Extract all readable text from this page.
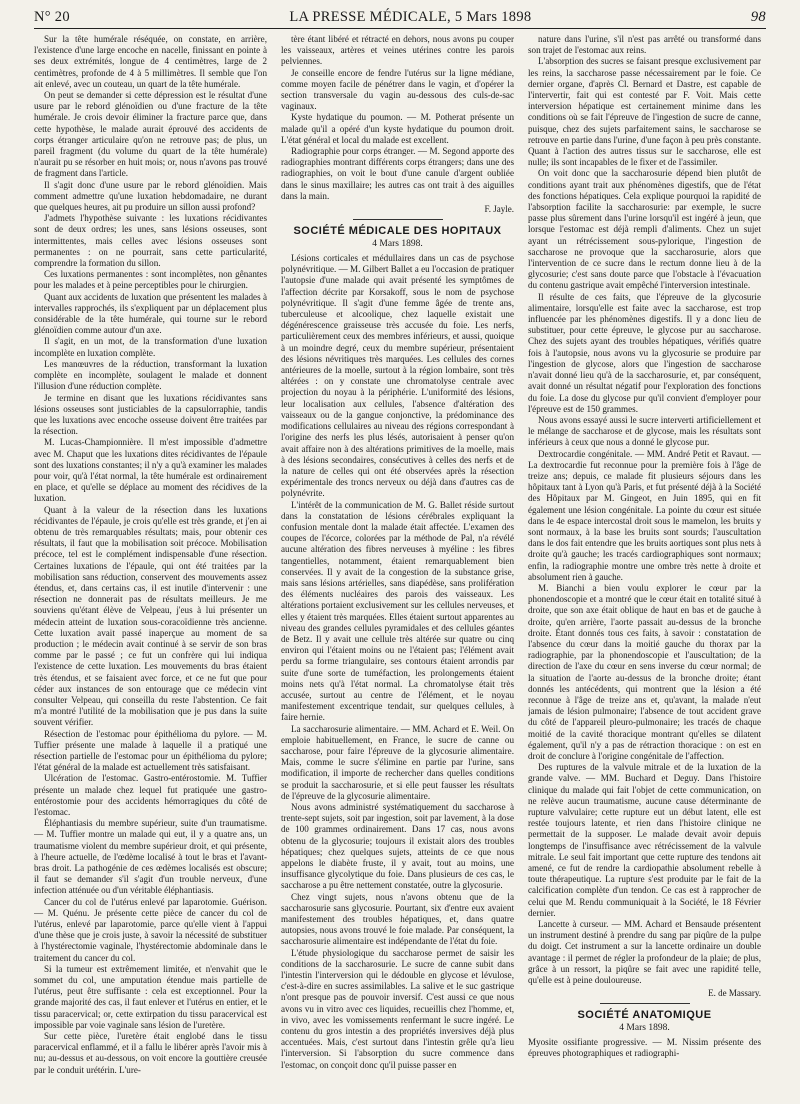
N° 20	LA PRESSE MÉDICALE, 5 Mars 1898	98

Sur la tête humérale réséquée, on constate, en arrière, l'existence d'une large encoche en nacelle, finissant en pointe à ses deux extrémités, longue de 4 centimètres, large de 2 centimètres, profonde de 4 à 5 millimètres. Il semble que l'on ait enlevé, avec un couteau, un quart de la tête humérale.

On peut se demander si cette dépression est le résultat d'une usure par le rebord glénoïdien ou d'une fracture de la tête humérale. Je crois devoir éliminer la fracture parce que, dans cette hypothèse, le malade aurait éprouvé des accidents de corps étranger articulaire qu'on ne retrouve pas; de plus, un pareil fragment (du volume du quart de la tête humérale) n'aurait pu se résorber en huit mois; or, nous n'avons pas trouvé de fragment dans l'article.

Il s'agit donc d'une usure par le rebord glénoïdien. Mais comment admettre qu'une luxation hebdomadaire, ne durant que quelques heures, ait pu produire un sillon aussi profond?

J'admets l'hypothèse suivante : les luxations récidivantes sont de deux ordres; les unes, sans lésions osseuses, sont intermittentes, mais celles avec lésions osseuses sont permanentes : on ne pourrait, sans cette particularité, comprendre la formation du sillon.

Ces luxations permanentes : sont incomplètes, non gênantes pour les malades et à peine perceptibles pour le chirurgien.

Quant aux accidents de luxation que présentent les malades à intervalles rapprochés, ils s'expliquent par un déplacement plus considérable de la tête humérale, qui tourne sur le rebord glénoïdien comme autour d'un axe.

Il s'agit, en un mot, de la transformation d'une luxation incomplète en luxation complète.

Les manœuvres de la réduction, transformant la luxation complète en incomplète, soulagent le malade et donnent l'illusion d'une réduction complète.

Je termine en disant que les luxations récidivantes sans lésions osseuses sont justiciables de la capsulorraphie, tandis que les luxations avec encoche osseuse doivent être traitées par la résection.

M. Lucas-Championnière. Il m'est impossible d'admettre avec M. Chaput que les luxations dites récidivantes de l'épaule sont des luxations constantes; il n'y a qu'à examiner les malades pour voir, qu'à l'état normal, la tête humérale est ordinairement en place, et qu'elle se déplace au moment des récidives de la luxation.

Quant à la valeur de la résection dans les luxations récidivantes de l'épaule, je crois qu'elle est très grande, et j'en ai obtenu de très remarquables résultats; mais, pour obtenir ces résultats, il faut que la mobilisation soit précoce. Mobilisation précoce, tel est le complément indispensable d'une résection. Certaines luxations de l'épaule, qui ont été traitées par la mobilisation sans réduction, conservent des mouvements assez étendus, et, dans certains cas, il est inutile d'intervenir : une résection ne donnerait pas de résultats meilleurs. Je me souviens qu'étant élève de Velpeau, j'eus à lui présenter un médecin atteint de luxation sous-coracoïdienne très ancienne. Cette luxation avait passé inaperçue au moment de sa production ; le médecin avait continué à se servir de son bras comme par le passé ; ce fut un confrère qui lui indiqua l'existence de cette luxation. Les mouvements du bras étaient très étendus, et se faisaient avec force, et ce ne fut que pour céder aux instances de son entourage que ce médecin vint consulter Velpeau, qui conseilla du reste l'abstention. Ce fait m'a montré l'utilité de la mobilisation que je pus dans la suite souvent vérifier.

Résection de l'estomac pour épithélioma du pylore. — M. Tuffier présente une malade à laquelle il a pratiqué une résection partielle de l'estomac pour un épithélioma du pylore; l'état général de la malade est actuellement très satisfaisant.

Ulcération de l'estomac. Gastro-entérostomie. M. Tuffier présente un malade chez lequel fut pratiquée une gastro-entérostomie pour des accidents hémorragiques du côté de l'estomac.

Éléphantiasis du membre supérieur, suite d'un traumatisme. — M. Tuffier montre un malade qui eut, il y a quatre ans, un traumatisme violent du membre supérieur droit, et qui présente, à l'heure actuelle, de l'œdème localisé à tout le bras et l'avant-bras droit. La pathogénie de ces œdèmes localisés est obscure; il faut se demander s'il s'agit d'un trouble nerveux, d'une infection atténuée ou d'un véritable éléphantiasis.

Cancer du col de l'utérus enlevé par laparotomie. Guérison. — M. Quénu. Je présente cette pièce de cancer du col de l'utérus, enlevé par laparotomie, parce qu'elle vient à l'appui d'une thèse que je crois juste, à savoir la nécessité de substituer à l'hystérectomie vaginale, l'hystérectomie abdominale dans le traitement du cancer du col.

Si la tumeur est extrêmement limitée, et n'envahit que le sommet du col, une amputation étendue mais partielle de l'utérus, peut être suffisante : cela est exceptionnel. Pour la grande majorité des cas, il faut enlever et l'utérus en entier, et le tissu paracervical; or, cette extirpation du tissu paracervical est impossible par voie vaginale sans lésion de l'uretère.

Sur cette pièce, l'uretère était englobé dans le tissu paracervical enflammé, et il a fallu le libérer après l'avoir mis à nu; au-dessus et au-dessous, on voit encore la gouttière creusée par le conduit urétérin. L'ure-

tère étant libéré et rétracté en dehors, nous avons pu couper les vaisseaux, artères et veines utérines contre les parois pelviennes.

Je conseille encore de fendre l'utérus sur la ligne médiane, comme moyen facile de pénétrer dans le vagin, et d'opérer la section transversale du vagin au-dessous des culs-de-sac vaginaux.

Kyste hydatique du poumon. — M. Potherat présente un malade qu'il a opéré d'un kyste hydatique du poumon droit. L'état général et local du malade est excellent.

Radiographie pour corps étranger. — M. Segond apporte des radiographies montrant différents corps étrangers; dans une des radiographies, on voit le bout d'une canule d'argent oubliée dans le sinus maxillaire; les autres cas ont trait à des aiguilles dans la main.

F. Jayle.
SOCIÉTÉ MÉDICALE DES HOPITAUX
4 Mars 1898.

Lésions corticales et médullaires dans un cas de psychose polynévritique. — M. Gilbert Ballet a eu l'occasion de pratiquer l'autopsie d'une malade qui avait présenté les symptômes de l'affection décrite par Korsakoff, sous le nom de psychose polynévritique. Il s'agit d'une femme âgée de trente ans, tuberculeuse et alcoolique, chez laquelle existait une dégénérescence graisseuse très accusée du foie. Les nerfs, particulièrement ceux des membres inférieurs, et aussi, quoique à un moindre degré, ceux du membre supérieur, présentaient des lésions névritiques très marquées. Les cellules des cornes antérieures de la moelle, surtout à la région lombaire, sont très altérées : on y constate une chromatolyse centrale avec projection du noyau à la périphérie. L'uniformité des lésions, leur localisation aux cellules, l'absence d'altération des vaisseaux ou de la gangue conjonctive, la prédominance des modifications cellulaires au niveau des régions correspondant à l'origine des nerfs les plus lésés, autorisaient à penser qu'on avait affaire non à des altérations primitives de la moelle, mais à des lésions secondaires, consécutives à celles des nerfs et de la nature de celles qui ont été observées après la résection expérimentale des troncs nerveux ou déjà dans d'autres cas de polynévrite.

L'intérêt de la communication de M. G. Ballet réside surtout dans la constatation de lésions cérébrales expliquant la confusion mentale dont la malade était affectée. L'examen des coupes de l'écorce, colorées par la méthode de Pal, n'a révélé aucune altération des fibres nerveuses à myéline : les fibres tangentielles, notamment, étaient remarquablement bien conservées. Il y avait de la congestion de la substance grise, mais sans lésions artérielles, sans diapédèse, sans prolifération des éléments nucléaires des parois des vaisseaux. Les altérations portaient exclusivement sur les cellules nerveuses, et elles y étaient très marquées. Elles étaient surtout apparentes au niveau des grandes cellules pyramidales et des cellules géantes de Betz. Il y avait une cellule très altérée sur quatre ou cinq environ qui l'étaient moins ou ne l'étaient pas; l'élément avait perdu sa forme triangulaire, ses contours étaient arrondis par suite d'une sorte de tuméfaction, les prolongements étaient moins nets qu'à l'état normal. La chromatolyse était très accusée, surtout au centre de l'élément, et le noyau manifestement excentrique tendait, sur quelques cellules, à faire hernie.

La saccharosurie alimentaire. — MM. Achard et E. Weil. On emploie habituellement, en France, le sucre de canne ou saccharose, pour faire l'épreuve de la glycosurie alimentaire. Mais, comme le sucre s'élimine en partie par l'urine, sans modification, il importe de rechercher dans quelles conditions se produit la saccharosurie, et si elle peut fausser les résultats de l'épreuve de la glycosurie alimentaire.

Nous avons administré systématiquement du saccharose à trente-sept sujets, soit par ingestion, soit par lavement, à la dose de 100 grammes ordinairement. Dans 17 cas, nous avons obtenu de la glycosurie; toujours il existait alors des troubles hépatiques; chez quelques sujets, atteints de ce que nous appelons le diabète fruste, il y avait, tout au moins, une insuffisance glycolytique du foie. Dans plusieurs de ces cas, le saccharose a pu être nettement constatée, outre la glycosurie.

Chez vingt sujets, nous n'avons obtenu que de la saccharosurie sans glycosurie. Pourtant, six d'entre eux avaient manifestement des troubles hépatiques, et, dans quatre autopsies, nous avons trouvé le foie malade. Par conséquent, la saccharosurie alimentaire est indépendante de l'état du foie.

L'étude physiologique du saccharose permet de saisir les conditions de la saccharosurie. Le sucre de canne subit dans l'intestin l'interversion qui le dédouble en glycose et lévulose, c'est-à-dire en sucres assimilables. La salive et le suc gastrique n'ont presque pas de pouvoir inversif. C'est aussi ce que nous avons vu in vitro avec ces liquides, recueillis chez l'homme, et, in vivo, avec les vomissements renfermant le sucre ingéré. Le contenu du gros intestin a des propriétés inversives déjà plus accentuées. Mais, c'est surtout dans l'intestin grêle qu'a lieu l'interversion. Si l'absorption du sucre commence dans l'estomac, on conçoit donc qu'il puisse passer en

nature dans l'urine, s'il n'est pas arrêté ou transformé dans son trajet de l'estomac aux reins.

L'absorption des sucres se faisant presque exclusivement par les reins, la saccharose passe nécessairement par le foie. Ce dernier organe, d'après Cl. Bernard et Dastre, est capable de l'intervertir, fait qui est contesté par F. Voit. Mais cette interversion hépatique est certainement minime dans les conditions où se fait l'épreuve de l'ingestion de sucre de canne, puisque, chez des sujets parfaitement sains, le saccharose se retrouve en partie dans l'urine, d'une façon à peu près constante. Quant à l'action des autres tissus sur le saccharose, elle est nulle; ils sont incapables de le fixer et de l'assimiler.

On voit donc que la saccharosurie dépend bien plutôt de conditions ayant trait aux phénomènes digestifs, que de l'état des fonctions hépatiques. Cela explique pourquoi la rapidité de l'absorption facilite la saccharosurie: par exemple, le sucre passe plus sûrement dans l'urine lorsqu'il est ingéré à jeun, que lorsque l'estomac est déjà rempli d'aliments. Chez un sujet ayant un rétrécissement sous-pylorique, l'ingestion de saccharose ne provoque que la saccharosurie, alors que l'intervention de ce sucre dans le rectum donne lieu à de la glycosurie; c'est sans doute parce que l'obstacle à l'évacuation du contenu gastrique avait empêché l'interversion intestinale.

Il résulte de ces faits, que l'épreuve de la glycosurie alimentaire, lorsqu'elle est faite avec la saccharose, est trop influencée par les phénomènes digestifs. Il y a donc lieu de substituer, pour cette épreuve, le glycose pur au saccharose. Chez des sujets ayant des troubles hépatiques, vérifiés quatre fois à l'autopsie, nous avons vu la glycosurie se produire par l'ingestion de glycose, alors que l'ingestion de saccharose n'avait donné lieu qu'à de la saccharosurie, et, par conséquent, avait donné un résultat négatif pour l'exploration des fonctions du foie. La dose du glycose pur qu'il convient d'employer pour l'épreuve est de 150 grammes.

Nous avons essayé aussi le sucre interverti artificiellement et le mélange de saccharose et de glycose, mais les résultats sont inférieurs à ceux que nous a donné le glycose pur.

Dextrocardie congénitale. — MM. André Petit et Ravaut. — La dextrocardie fut reconnue pour la première fois à l'âge de treize ans; depuis, ce malade fit plusieurs séjours dans les hôpitaux tant à Lyon qu'à Paris, et fut présenté déjà à la Société des Hôpitaux par M. Gingeot, en Juin 1895, qui en fit également une lésion congénitale. La pointe du cœur est située dans le 4e espace intercostal droit sous le mamelon, les bruits y sont normaux, à la base les bruits sont sourds; l'auscultation dans le dos fait entendre que les bruits aortiques sont plus nets à droite qu'à gauche; les tracés cardiographiques sont normaux; enfin, la radiographie montre une ombre très nette à droite et absolument rien à gauche.

M. Bianchi a bien voulu explorer le cœur par la phonendoscopie et a montré que le cœur était en totalité situé à droite, que son axe était oblique de haut en bas et de gauche à droite, qu'en arrière, l'aorte passait au-dessus de la bronche droite. Étant donnés tous ces faits, à savoir : constatation de l'absence du cœur dans la moitié gauche du thorax par la radiographie, par la phonendoscopie et l'auscultation; de la direction de l'axe du cœur en sens inverse du cœur normal; de la situation de l'aorte au-dessus de la bronche droite; étant donnés les antécédents, qui montrent que la lésion a été reconnue à l'âge de treize ans et, qu'avant, la malade n'eut jamais de lésion pulmonaire; l'absence de tout accident grave du côté de l'appareil pleuro-pulmonaire; les tracés de chaque moitié de la cavité thoracique montrant qu'elles se dilatent également, qu'il n'y a pas de rétraction thoracique : on est en droit de conclure à l'origine congénitale de l'affection.

Des ruptures de la valvule mitrale et de la luxation de la grande valve. — MM. Buchard et Deguy. Dans l'histoire clinique du malade qui fait l'objet de cette communication, on ne relève aucun traumatisme, aucune cause déterminante de rupture valvulaire; cette rupture eut un début latent, elle est restée toujours latente, et rien dans l'histoire clinique ne permettait de la supposer. Le malade devait avoir depuis longtemps de l'insuffisance avec rétrécissement de la valvule mitrale. Le seul fait important que cette rupture des tendons ait amené, ce fut de rendre la cardiopathie absolument rebelle à toute thérapeutique. La rupture s'est produite par le fait de la calcification complète d'un tendon. Ce cas est à rapprocher de celui que M. Rendu communiquait à la Société, le 18 Février dernier.

Lancette à curseur. — MM. Achard et Bensaude présentent un instrument destiné à prendre du sang par piqûre de la pulpe du doigt. Cet instrument a sur la lancette ordinaire un double avantage : il permet de régler la profondeur de la plaie; de plus, grâce à un ressort, la piqûre se fait avec une rapidité telle, qu'elle est à peine douloureuse.

E. de Massary.
SOCIÉTÉ ANATOMIQUE
4 Mars 1898.

Myosite ossifiante progressive. — M. Nissim présente des épreuves photographiques et radiographi-
